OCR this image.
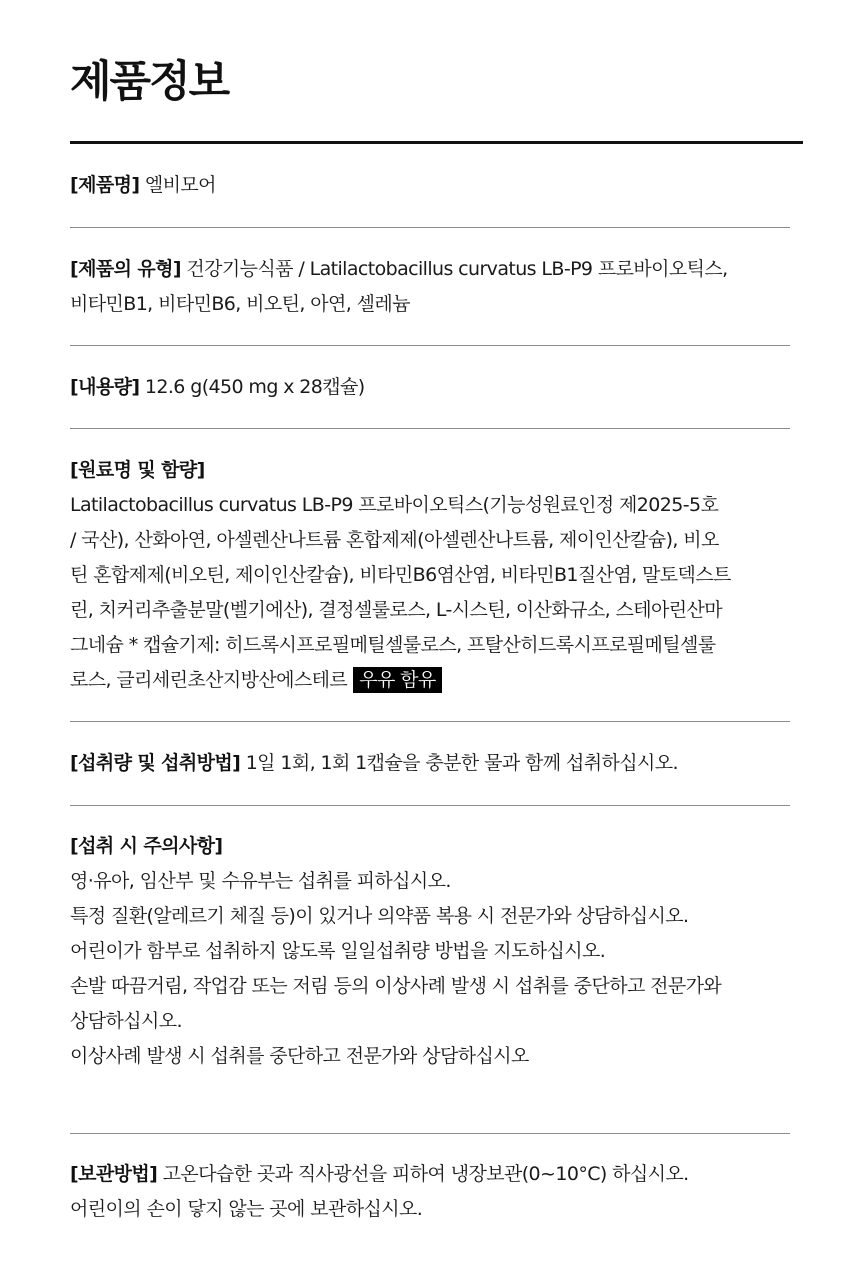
제품정보

[제품명] 엘비모어

[제품의 유형] 건강기능식품 / Latilactobacillus curvatus LB-P9 프로바이오틱스,

비타민B1, 비타민B6, 비오틴, 아연, 셀레늄

[내용량] 12.6 g(450 mg x 28캡슐)

[원료명 및 함량]

Latilactobacillus curvatus LB-P9 프로바이오틱스(기능성원료인정 제2025-5호

/ 국산), 산화아연, 아셀렌산나트륨 혼합제제(아셀렌산나트륨, 제이인산칼슘), 비오

틴 혼합제제(비오틴, 제이인산칼슘), 비타민B6염산염, 비타민B1질산염, 말토덱스트

린, 치커리추출분말(벨기에산), 결정셀룰로스, L-시스틴, 이산화규소, 스테아린산마

그네슘 * 캡슐기제: 히드록시프로필메틸셀룰로스, 프탈산히드록시프로필메틸셀룰

로스, 글리세린초산지방산에스테르 우유 함유

[섭취량 및 섭취방법] 1일 1회, 1회 1캡슐을 충분한 물과 함께 섭취하십시오.

[섭취 시 주의사항]

영·유아, 임산부 및 수유부는 섭취를 피하십시오.

특정 질환(알레르기 체질 등)이 있거나 의약품 복용 시 전문가와 상담하십시오.

어린이가 함부로 섭취하지 않도록 일일섭취량 방법을 지도하십시오.

손발 따끔거림, 작업감 또는 저림 등의 이상사례 발생 시 섭취를 중단하고 전문가와

상담하십시오.

이상사례 발생 시 섭취를 중단하고 전문가와 상담하십시오

[보관방법] 고온다습한 곳과 직사광선을 피하여 냉장보관(0~10°C) 하십시오.

어린이의 손이 닿지 않는 곳에 보관하십시오.
